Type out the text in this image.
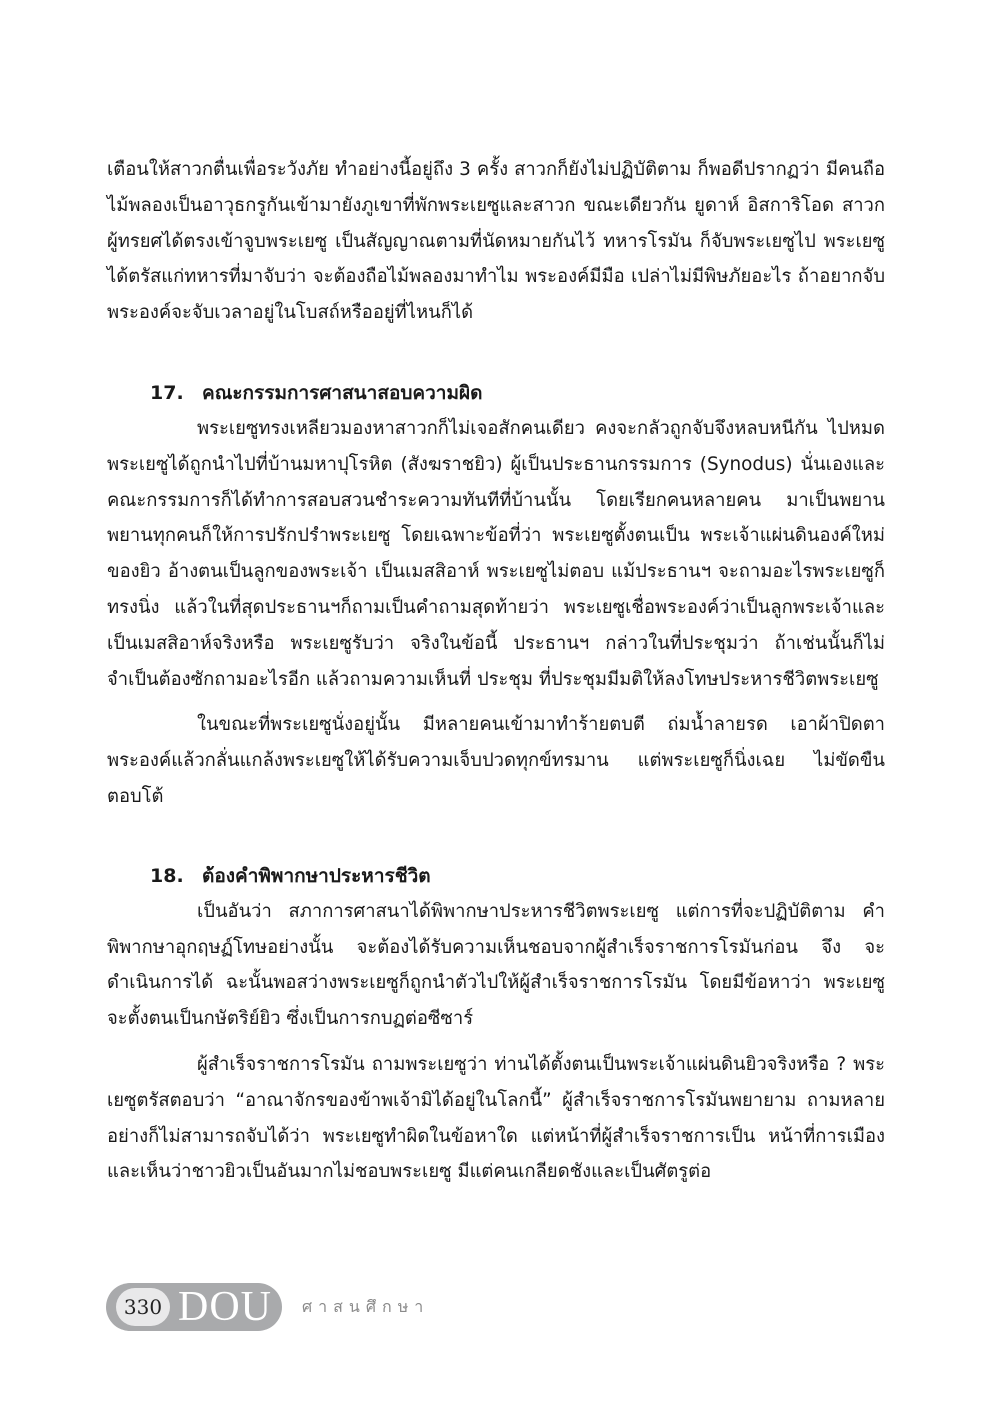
เตือนให้สาวกตื่นเพื่อระวังภัย ทำอย่างนี้อยู่ถึง 3 ครั้ง สาวกก็ยังไม่ปฏิบัติตาม ก็พอดีปรากฏว่า มีคนถือไม้พลองเป็นอาวุธกรูกันเข้ามายังภูเขาที่พักพระเยซูและสาวก ขณะเดียวกัน ยูดาห์ อิสการิโอด สาวกผู้ทรยศได้ตรงเข้าจูบพระเยซู เป็นสัญญาณตามที่นัดหมายกันไว้ ทหารโรมัน ก็จับพระเยซูไป พระเยซูได้ตรัสแก่ทหารที่มาจับว่า จะต้องถือไม้พลองมาทำไม พระองค์มีมือ เปล่าไม่มีพิษภัยอะไร ถ้าอยากจับพระองค์จะจับเวลาอยู่ในโบสถ์หรืออยู่ที่ไหนก็ได้

17. คณะกรรมการศาสนาสอบความผิด

พระเยซูทรงเหลียวมองหาสาวกก็ไม่เจอสักคนเดียว คงจะกลัวถูกจับจึงหลบหนีกัน ไปหมด พระเยซูได้ถูกนำไปที่บ้านมหาปุโรหิต (สังฆราชยิว) ผู้เป็นประธานกรรมการ (Synodus) นั่นเองและคณะกรรมการก็ได้ทำการสอบสวนชำระความทันทีที่บ้านนั้น โดยเรียกคนหลายคน มาเป็นพยานพยานทุกคนก็ให้การปรักปรำพระเยซู โดยเฉพาะข้อที่ว่า พระเยซูตั้งตนเป็น พระเจ้าแผ่นดินองค์ใหม่ของยิว อ้างตนเป็นลูกของพระเจ้า เป็นเมสสิอาห์ พระเยซูไม่ตอบ แม้ประธานฯ จะถามอะไรพระเยซูก็ทรงนิ่ง แล้วในที่สุดประธานฯก็ถามเป็นคำถามสุดท้ายว่า พระเยซูเชื่อพระองค์ว่าเป็นลูกพระเจ้าและเป็นเมสสิอาห์จริงหรือ พระเยซูรับว่า จริงในข้อนี้ ประธานฯ กล่าวในที่ประชุมว่า ถ้าเช่นนั้นก็ไม่จำเป็นต้องซักถามอะไรอีก แล้วถามความเห็นที่ ประชุม ที่ประชุมมีมติให้ลงโทษประหารชีวิตพระเยซู

ในขณะที่พระเยซูนั่งอยู่นั้น มีหลายคนเข้ามาทำร้ายตบตี ถ่มน้ำลายรด เอาผ้าปิดตา พระองค์แล้วกลั่นแกล้งพระเยซูให้ได้รับความเจ็บปวดทุกข์ทรมาน แต่พระเยซูก็นิ่งเฉย ไม่ขัดขืน ตอบโต้

18. ต้องคำพิพากษาประหารชีวิต

เป็นอันว่า สภาการศาสนาได้พิพากษาประหารชีวิตพระเยซู แต่การที่จะปฏิบัติตาม คำพิพากษาอุกฤษฏ์โทษอย่างนั้น จะต้องได้รับความเห็นชอบจากผู้สำเร็จราชการโรมันก่อน จึง จะดำเนินการได้ ฉะนั้นพอสว่างพระเยซูก็ถูกนำตัวไปให้ผู้สำเร็จราชการโรมัน โดยมีข้อหาว่า พระเยซูจะตั้งตนเป็นกษัตริย์ยิว ซึ่งเป็นการกบฏต่อซีซาร์

ผู้สำเร็จราชการโรมัน ถามพระเยซูว่า ท่านได้ตั้งตนเป็นพระเจ้าแผ่นดินยิวจริงหรือ ? พระเยซูตรัสตอบว่า “อาณาจักรของข้าพเจ้ามิได้อยู่ในโลกนี้” ผู้สำเร็จราชการโรมันพยายาม ถามหลายอย่างก็ไม่สามารถจับได้ว่า พระเยซูทำผิดในข้อหาใด แต่หน้าที่ผู้สำเร็จราชการเป็น หน้าที่การเมืองและเห็นว่าชาวยิวเป็นอันมากไม่ชอบพระเยซู มีแต่คนเกลียดชังและเป็นศัตรูต่อ

330 DOU ศาสนศึกษา
